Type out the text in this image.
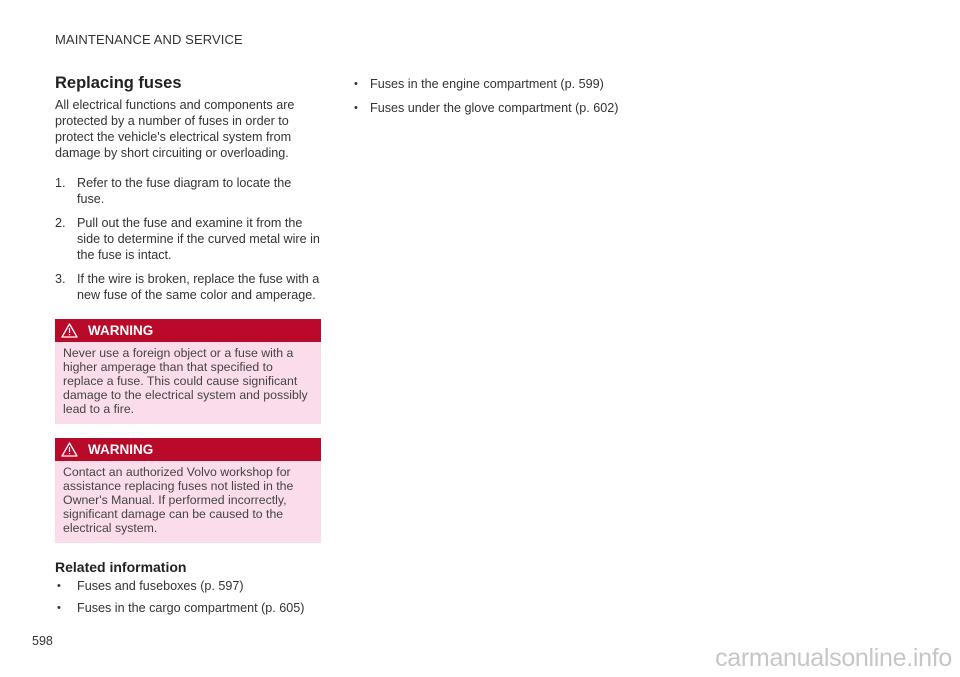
MAINTENANCE AND SERVICE
Replacing fuses

All electrical functions and components are protected by a number of fuses in order to protect the vehicle's electrical system from damage by short circuiting or overloading.

1. Refer to the fuse diagram to locate the fuse.
2. Pull out the fuse and examine it from the side to determine if the curved metal wire in the fuse is intact.
3. If the wire is broken, replace the fuse with a new fuse of the same color and amperage.
WARNING
Never use a foreign object or a fuse with a higher amperage than that specified to replace a fuse. This could cause significant damage to the electrical system and possibly lead to a fire.
WARNING
Contact an authorized Volvo workshop for assistance replacing fuses not listed in the Owner's Manual. If performed incorrectly, significant damage can be caused to the electrical system.
Related information
• Fuses and fuseboxes (p. 597)
• Fuses in the cargo compartment (p. 605)
• Fuses in the engine compartment (p. 599)
• Fuses under the glove compartment (p. 602)
598
carmanualsonline.info
